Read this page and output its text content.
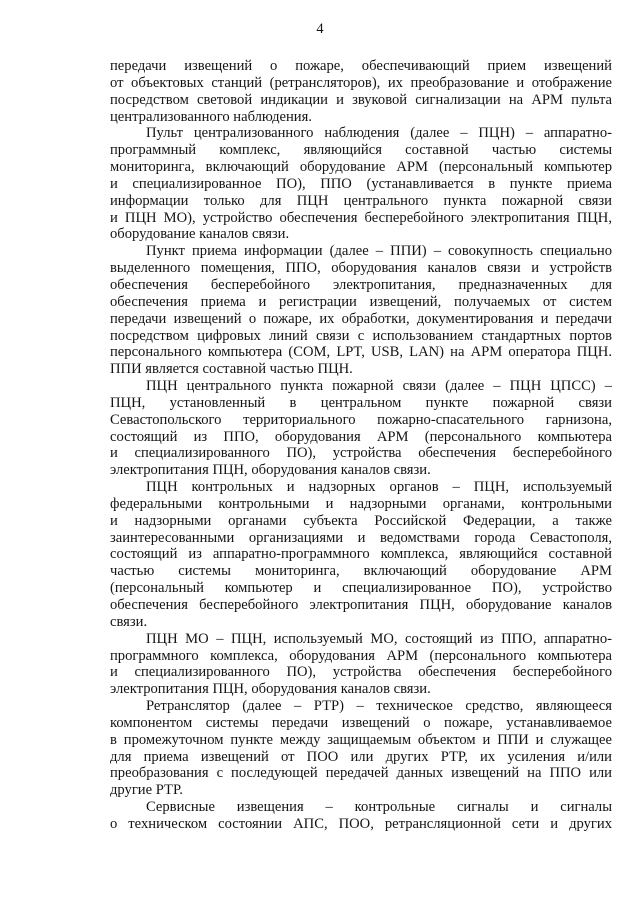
4
передачи извещений о пожаре, обеспечивающий прием извещений
от объектовых станций (ретрансляторов), их преобразование и отображение
посредством световой индикации и звуковой сигнализации на АРМ пульта
централизованного наблюдения.
Пульт централизованного наблюдения (далее – ПЦН) – аппаратно-
программный комплекс, являющийся составной частью системы
мониторинга, включающий оборудование АРМ (персональный компьютер
и специализированное ПО), ППО (устанавливается в пункте приема
информации только для ПЦН центрального пункта пожарной связи
и ПЦН МО), устройство обеспечения бесперебойного электропитания ПЦН,
оборудование каналов связи.
Пункт приема информации (далее – ППИ) – совокупность специально
выделенного помещения, ППО, оборудования каналов связи и устройств
обеспечения бесперебойного электропитания, предназначенных для
обеспечения приема и регистрации извещений, получаемых от систем
передачи извещений о пожаре, их обработки, документирования и передачи
посредством цифровых линий связи с использованием стандартных портов
персонального компьютера (COM, LPT, USB, LAN) на АРМ оператора ПЦН.
ППИ является составной частью ПЦН.
ПЦН центрального пункта пожарной связи (далее – ПЦН ЦПСС) –
ПЦН, установленный в центральном пункте пожарной связи
Севастопольского территориального пожарно-спасательного гарнизона,
состоящий из ППО, оборудования АРМ (персонального компьютера
и специализированного ПО), устройства обеспечения бесперебойного
электропитания ПЦН, оборудования каналов связи.
ПЦН контрольных и надзорных органов – ПЦН, используемый
федеральными контрольными и надзорными органами, контрольными
и надзорными органами субъекта Российской Федерации, а также
заинтересованными организациями и ведомствами города Севастополя,
состоящий из аппаратно-программного комплекса, являющийся составной
частью системы мониторинга, включающий оборудование АРМ
(персональный компьютер и специализированное ПО), устройство
обеспечения бесперебойного электропитания ПЦН, оборудование каналов
связи.
ПЦН МО – ПЦН, используемый МО, состоящий из ППО, аппаратно-
программного комплекса, оборудования АРМ (персонального компьютера
и специализированного ПО), устройства обеспечения бесперебойного
электропитания ПЦН, оборудования каналов связи.
Ретранслятор (далее – РТР) – техническое средство, являющееся
компонентом системы передачи извещений о пожаре, устанавливаемое
в промежуточном пункте между защищаемым объектом и ППИ и служащее
для приема извещений от ПОО или других РТР, их усиления и/или
преобразования с последующей передачей данных извещений на ППО или
другие РТР.
Сервисные извещения – контрольные сигналы и сигналы
о техническом состоянии АПС, ПОО, ретрансляционной сети и других
